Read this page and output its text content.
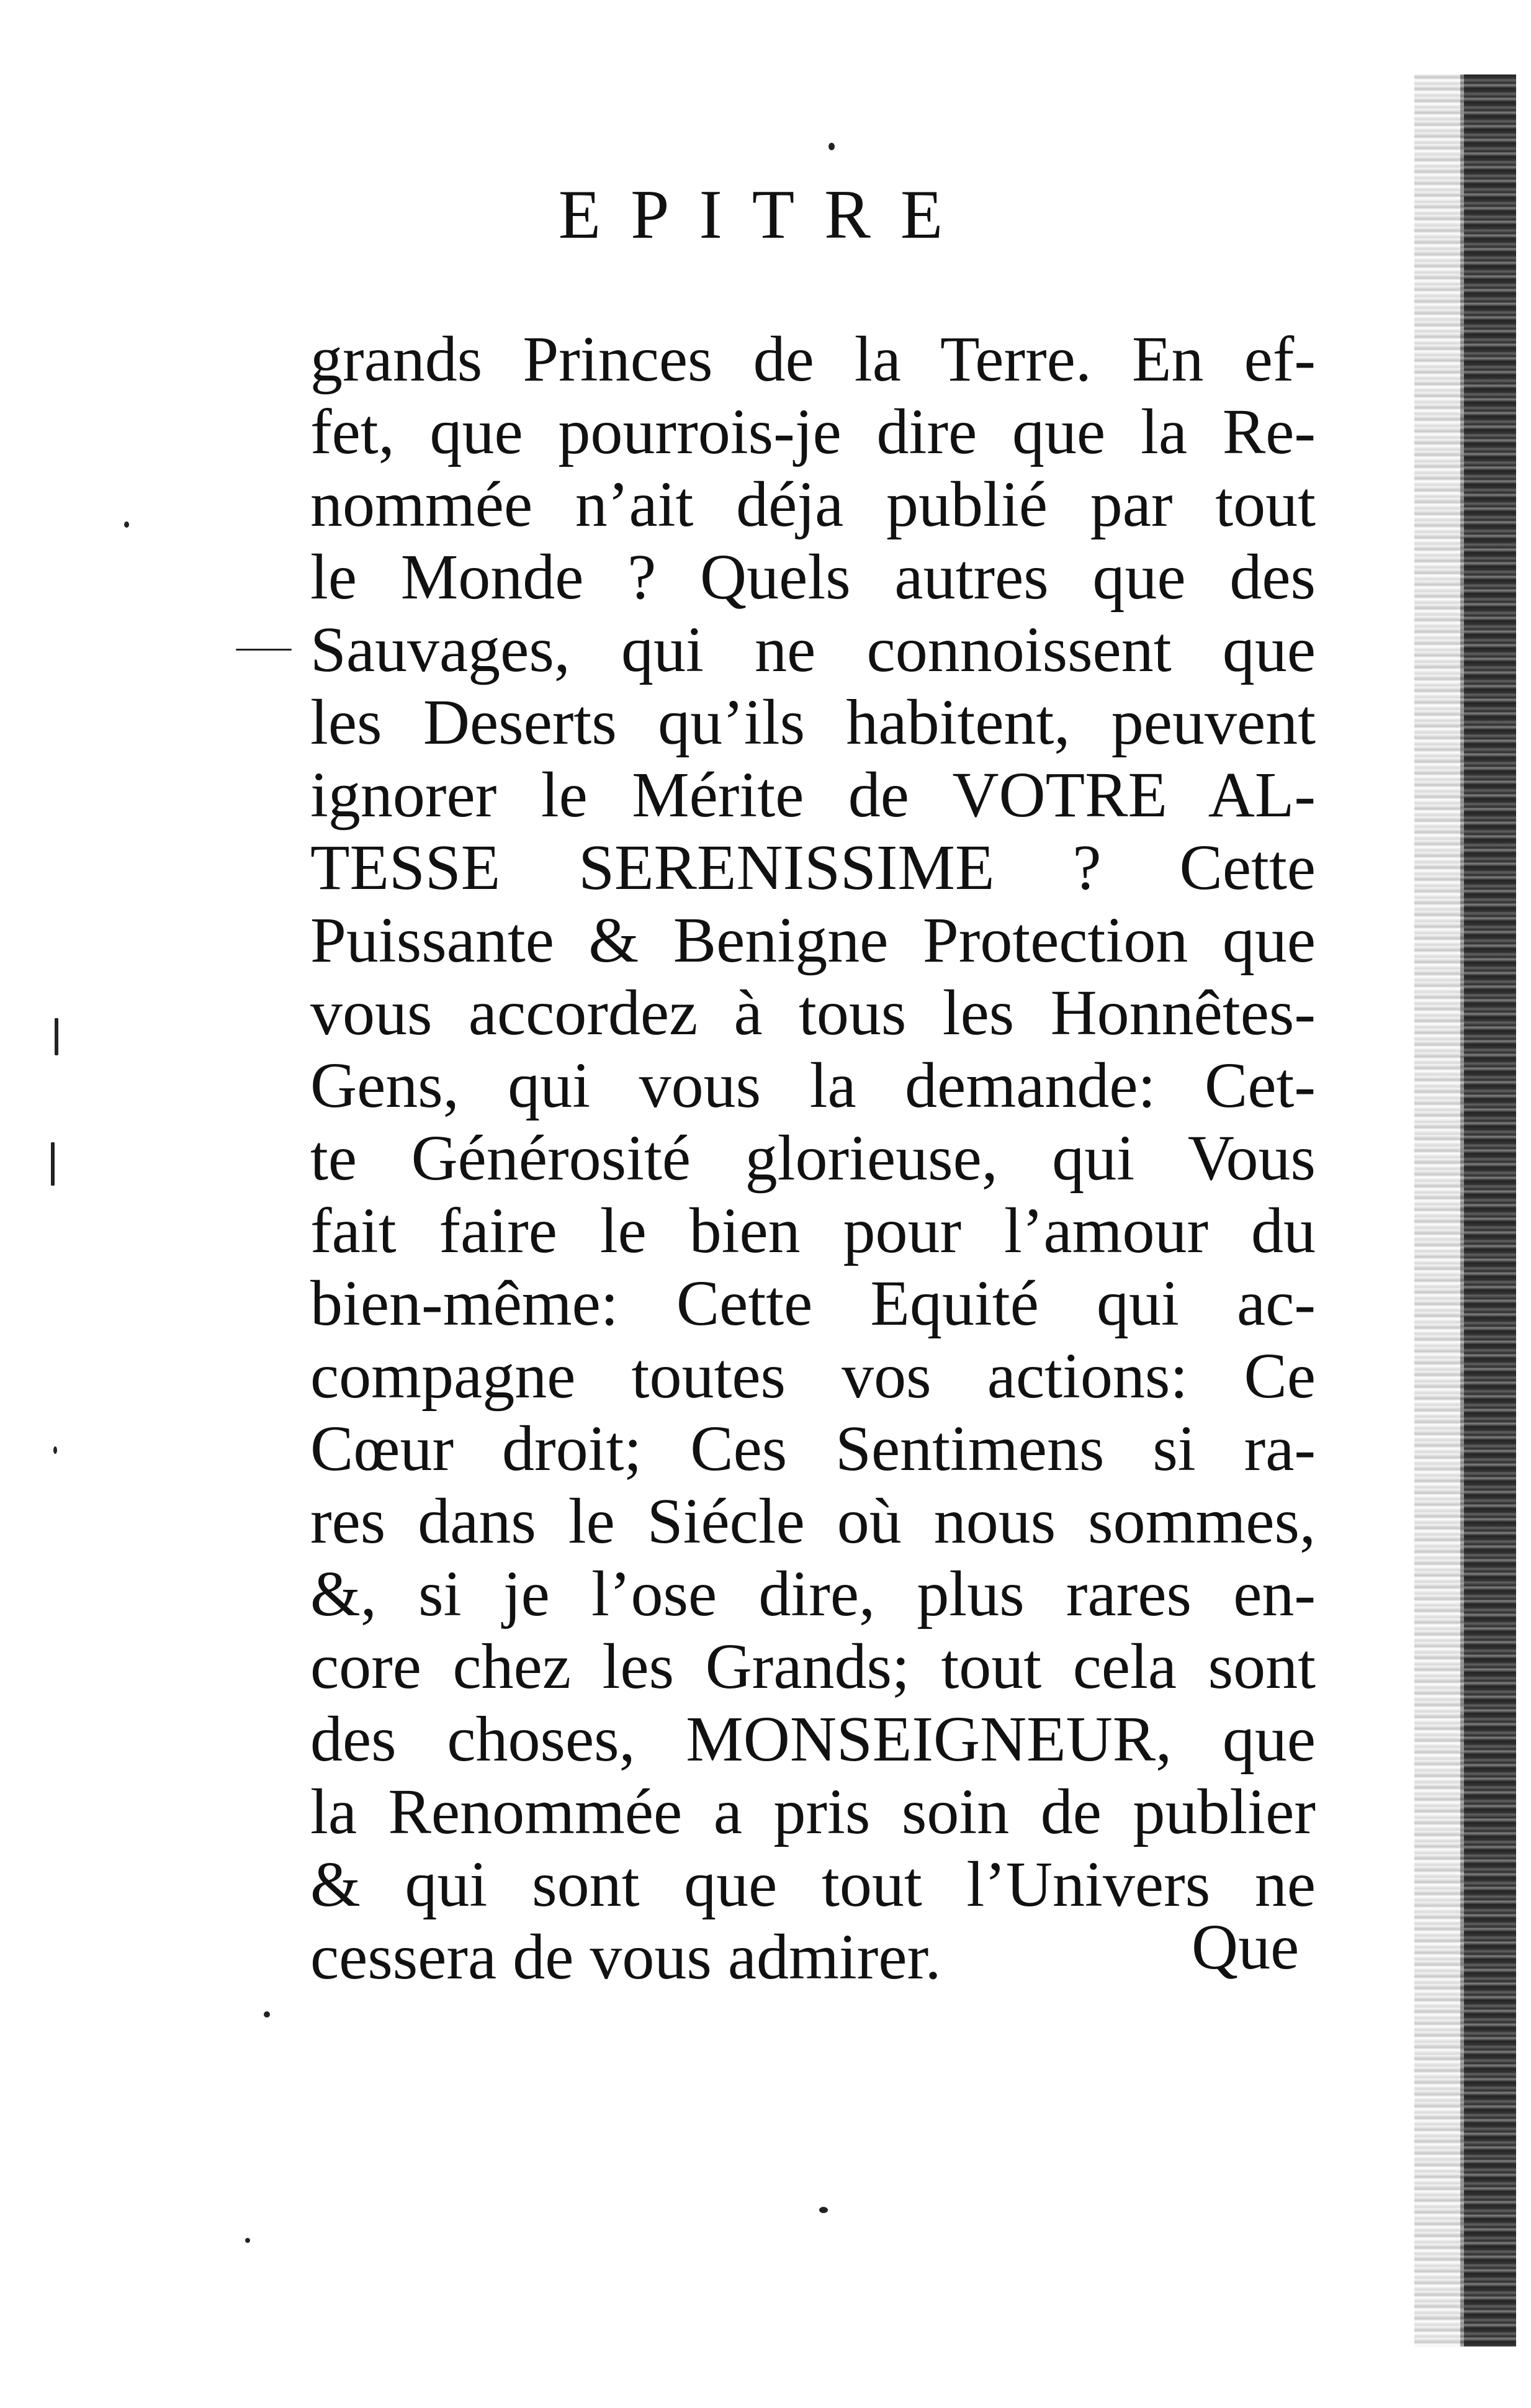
EPITRE
grands Princes de la Terre. En ef-
fet, que pourrois-je dire que la Re-
nommée n’ait déja publié par tout
le Monde ? Quels autres que des
Sauvages, qui ne connoissent que
les Deserts qu’ils habitent, peuvent
ignorer le Mérite de VOTRE AL-
TESSE SERENISSIME ? Cette
Puissante & Benigne Protection que
vous accordez à tous les Honnêtes-
Gens, qui vous la demande: Cet-
te Générosité glorieuse, qui Vous
fait faire le bien pour l’amour du
bien-même: Cette Equité qui ac-
compagne toutes vos actions: Ce
Cœur droit; Ces Sentimens si ra-
res dans le Siécle où nous sommes,
&, si je l’ose dire, plus rares en-
core chez les Grands; tout cela sont
des choses, MONSEIGNEUR, que
la Renommée a pris soin de publier
& qui sont que tout l’Univers ne
cessera de vous admirer.	Que
